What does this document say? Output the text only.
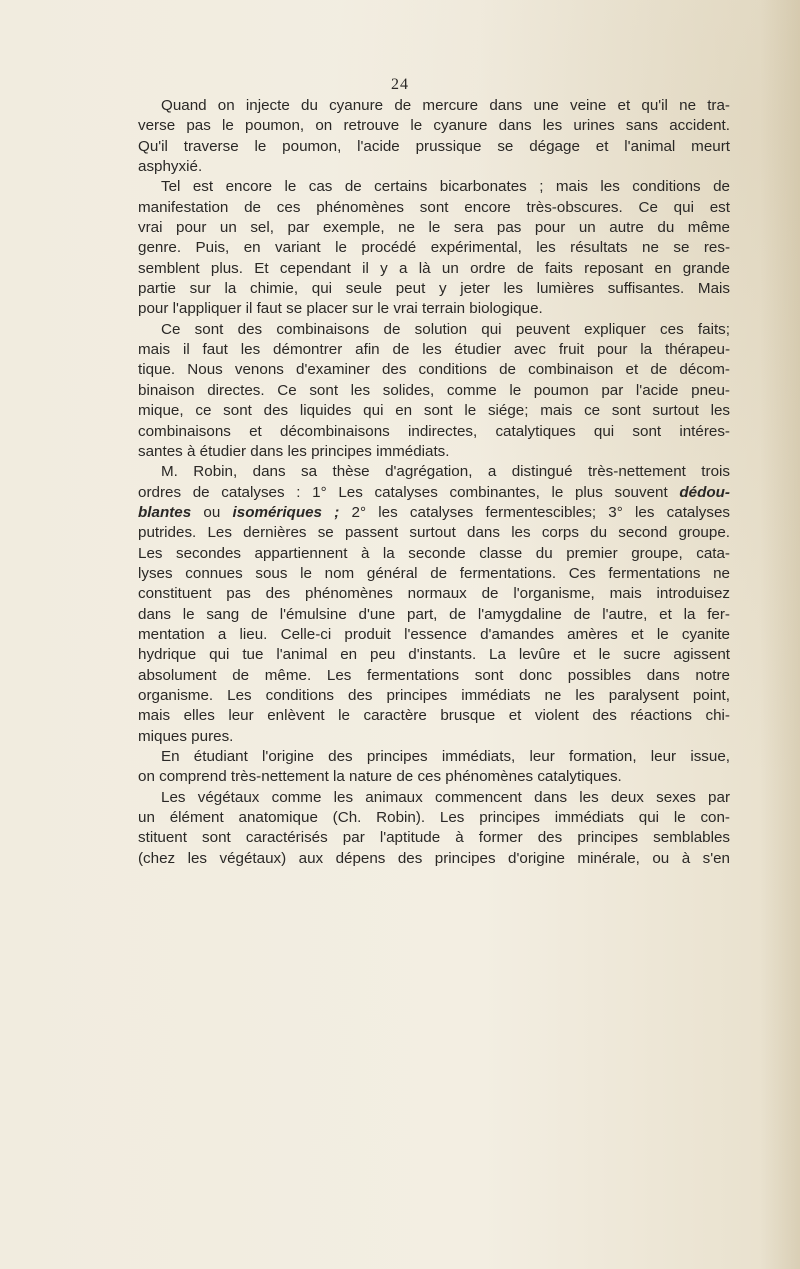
24

Quand on injecte du cyanure de mercure dans une veine et qu'il ne tra-
verse pas le poumon, on retrouve le cyanure dans les urines sans accident.
Qu'il traverse le poumon, l'acide prussique se dégage et l'animal meurt
asphyxié.

Tel est encore le cas de certains bicarbonates ; mais les conditions de
manifestation de ces phénomènes sont encore très-obscures. Ce qui est
vrai pour un sel, par exemple, ne le sera pas pour un autre du même
genre. Puis, en variant le procédé expérimental, les résultats ne se res-
semblent plus. Et cependant il y a là un ordre de faits reposant en grande
partie sur la chimie, qui seule peut y jeter les lumières suffisantes. Mais
pour l'appliquer il faut se placer sur le vrai terrain biologique.

Ce sont des combinaisons de solution qui peuvent expliquer ces faits;
mais il faut les démontrer afin de les étudier avec fruit pour la thérapeu-
tique. Nous venons d'examiner des conditions de combinaison et de décom-
binaison directes. Ce sont les solides, comme le poumon par l'acide pneu-
mique, ce sont des liquides qui en sont le siége; mais ce sont surtout les
combinaisons et décombinaisons indirectes, catalytiques qui sont intéres-
santes à étudier dans les principes immédiats.

M. Robin, dans sa thèse d'agrégation, a distingué très-nettement trois
ordres de catalyses : 1° Les catalyses combinantes, le plus souvent dédou-
blantes ou isomériques ; 2° les catalyses fermentescibles; 3° les catalyses
putrides. Les dernières se passent surtout dans les corps du second groupe.
Les secondes appartiennent à la seconde classe du premier groupe, cata-
lyses connues sous le nom général de fermentations. Ces fermentations ne
constituent pas des phénomènes normaux de l'organisme, mais introduisez
dans le sang de l'émulsine d'une part, de l'amygdaline de l'autre, et la fer-
mentation a lieu. Celle-ci produit l'essence d'amandes amères et le cyanite
hydrique qui tue l'animal en peu d'instants. La levûre et le sucre agissent
absolument de même. Les fermentations sont donc possibles dans notre
organisme. Les conditions des principes immédiats ne les paralysent point,
mais elles leur enlèvent le caractère brusque et violent des réactions chi-
miques pures.

En étudiant l'origine des principes immédiats, leur formation, leur issue,
on comprend très-nettement la nature de ces phénomènes catalytiques.

Les végétaux comme les animaux commencent dans les deux sexes par
un élément anatomique (Ch. Robin). Les principes immédiats qui le con-
stituent sont caractérisés par l'aptitude à former des principes semblables
(chez les végétaux) aux dépens des principes d'origine minérale, ou à s'en
